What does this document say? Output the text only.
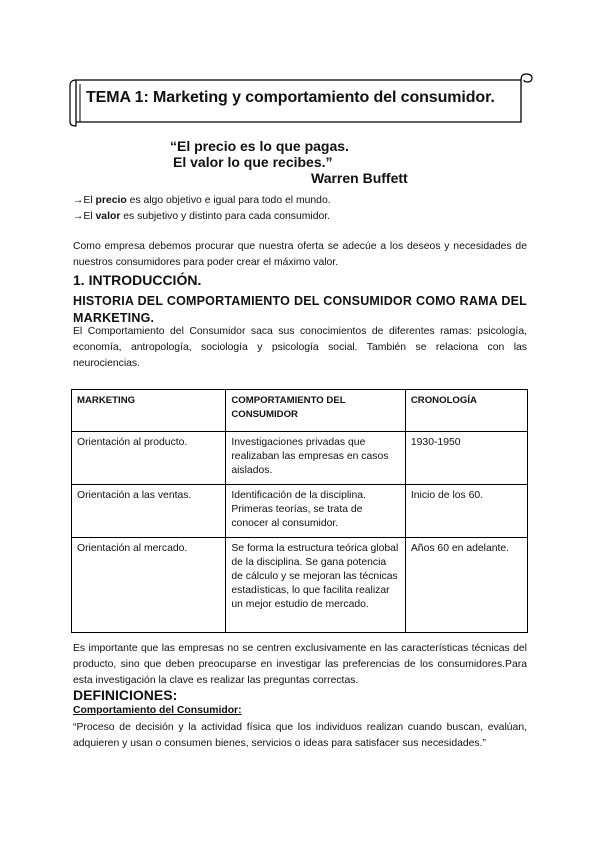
TEMA 1: Marketing y comportamiento del consumidor.
“El precio es lo que pagas.
El valor lo que recibes.”
Warren Buffett
→El precio es algo objetivo e igual para todo el mundo.
→El valor es subjetivo y distinto para cada consumidor.
Como empresa debemos procurar que nuestra oferta se adecúe a los deseos y necesidades de nuestros consumidores para poder crear el máximo valor.
1. INTRODUCCIÓN.
HISTORIA DEL COMPORTAMIENTO DEL CONSUMIDOR COMO RAMA DEL MARKETING.
El Comportamiento del Consumidor saca sus conocimientos de diferentes ramas: psicología, economía, antropología, sociología y psicología social. También se relaciona con las neurociencias.
MARKETING	COMPORTAMIENTO DEL CONSUMIDOR	CRONOLOGÍA
Orientación al producto.	Investigaciones privadas que realizaban las empresas en casos aislados.	1930-1950
Orientación a las ventas.	Identificación de la disciplina. Primeras teorías, se trata de conocer al consumidor.	Inicio de los 60.
Orientación al mercado.	Se forma la estructura teórica global de la disciplina. Se gana potencia de cálculo y se mejoran las técnicas estadísticas, lo que facilita realizar un mejor estudio de mercado.	Años 60 en adelante.
Es importante que las empresas no se centren exclusivamente en las características técnicas del producto, sino que deben preocuparse en investigar las preferencias de los consumidores.Para esta investigación la clave es realizar las preguntas correctas.
DEFINICIONES:
Comportamiento del Consumidor:
“Proceso de decisión y la actividad física que los individuos realizan cuando buscan, evalúan, adquieren y usan o consumen bienes, servicios o ideas para satisfacer sus necesidades.”
